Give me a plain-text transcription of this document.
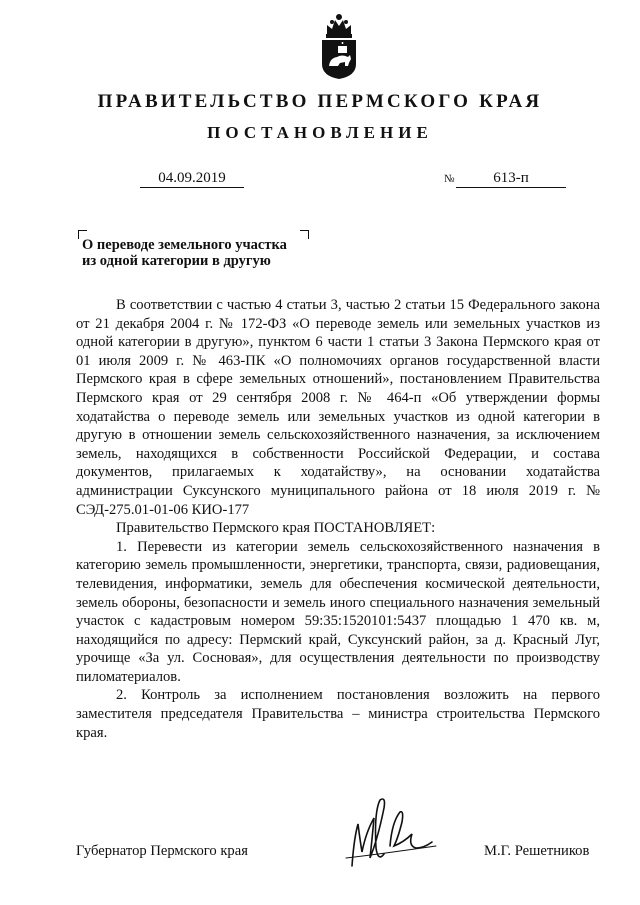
ПРАВИТЕЛЬСТВО ПЕРМСКОГО КРАЯ
ПОСТАНОВЛЕНИЕ
04.09.2019	№	613-п
О переводе земельного участка
из одной категории в другую

В соответствии с частью 4 статьи 3, частью 2 статьи 15 Федерального закона от 21 декабря 2004 г. № 172-ФЗ «О переводе земель или земельных участков из одной категории в другую», пунктом 6 части 1 статьи 3 Закона Пермского края от 01 июля 2009 г. № 463-ПК «О полномочиях органов государственной власти Пермского края в сфере земельных отношений», постановлением Правительства Пермского края от 29 сентября 2008 г. № 464-п «Об утверждении формы ходатайства о переводе земель или земельных участков из одной категории в другую в отношении земель сельскохозяйственного назначения, за исключением земель, находящихся в собственности Российской Федерации, и состава документов, прилагаемых к ходатайству», на основании ходатайства администрации Суксунского муниципального района от 18 июля 2019 г. № СЭД-275.01-01-06 КИО-177

Правительство Пермского края ПОСТАНОВЛЯЕТ:

1. Перевести из категории земель сельскохозяйственного назначения в категорию земель промышленности, энергетики, транспорта, связи, радиовещания, телевидения, информатики, земель для обеспечения космической деятельности, земель обороны, безопасности и земель иного специального назначения земельный участок с кадастровым номером 59:35:1520101:5437 площадью 1 470 кв. м, находящийся по адресу: Пермский край, Суксунский район, за д. Красный Луг, урочище «За ул. Сосновая», для осуществления деятельности по производству пиломатериалов.

2. Контроль за исполнением постановления возложить на первого заместителя председателя Правительства – министра строительства Пермского края.

Губернатор Пермского края	М.Г. Решетников
